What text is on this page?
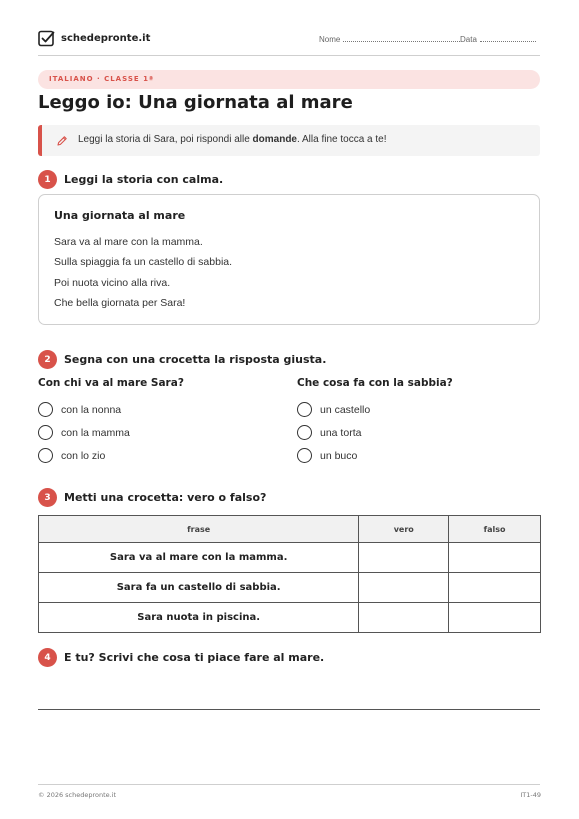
schedepronte.it	Nome	Data
ITALIANO · CLASSE 1ª
Leggo io: Una giornata al mare
Leggi la storia di Sara, poi rispondi alle domande. Alla fine tocca a te!
1	Leggi la storia con calma.
Una giornata al mare
Sara va al mare con la mamma.
Sulla spiaggia fa un castello di sabbia.
Poi nuota vicino alla riva.
Che bella giornata per Sara!
2	Segna con una crocetta la risposta giusta.
Con chi va al mare Sara?
con la nonna
con la mamma
con lo zio
Che cosa fa con la sabbia?
un castello
una torta
un buco
3	Metti una crocetta: vero o falso?
frase	vero	falso
Sara va al mare con la mamma.		
Sara fa un castello di sabbia.		
Sara nuota in piscina.		
4	E tu? Scrivi che cosa ti piace fare al mare.
© 2026 schedepronte.it	IT1-49
